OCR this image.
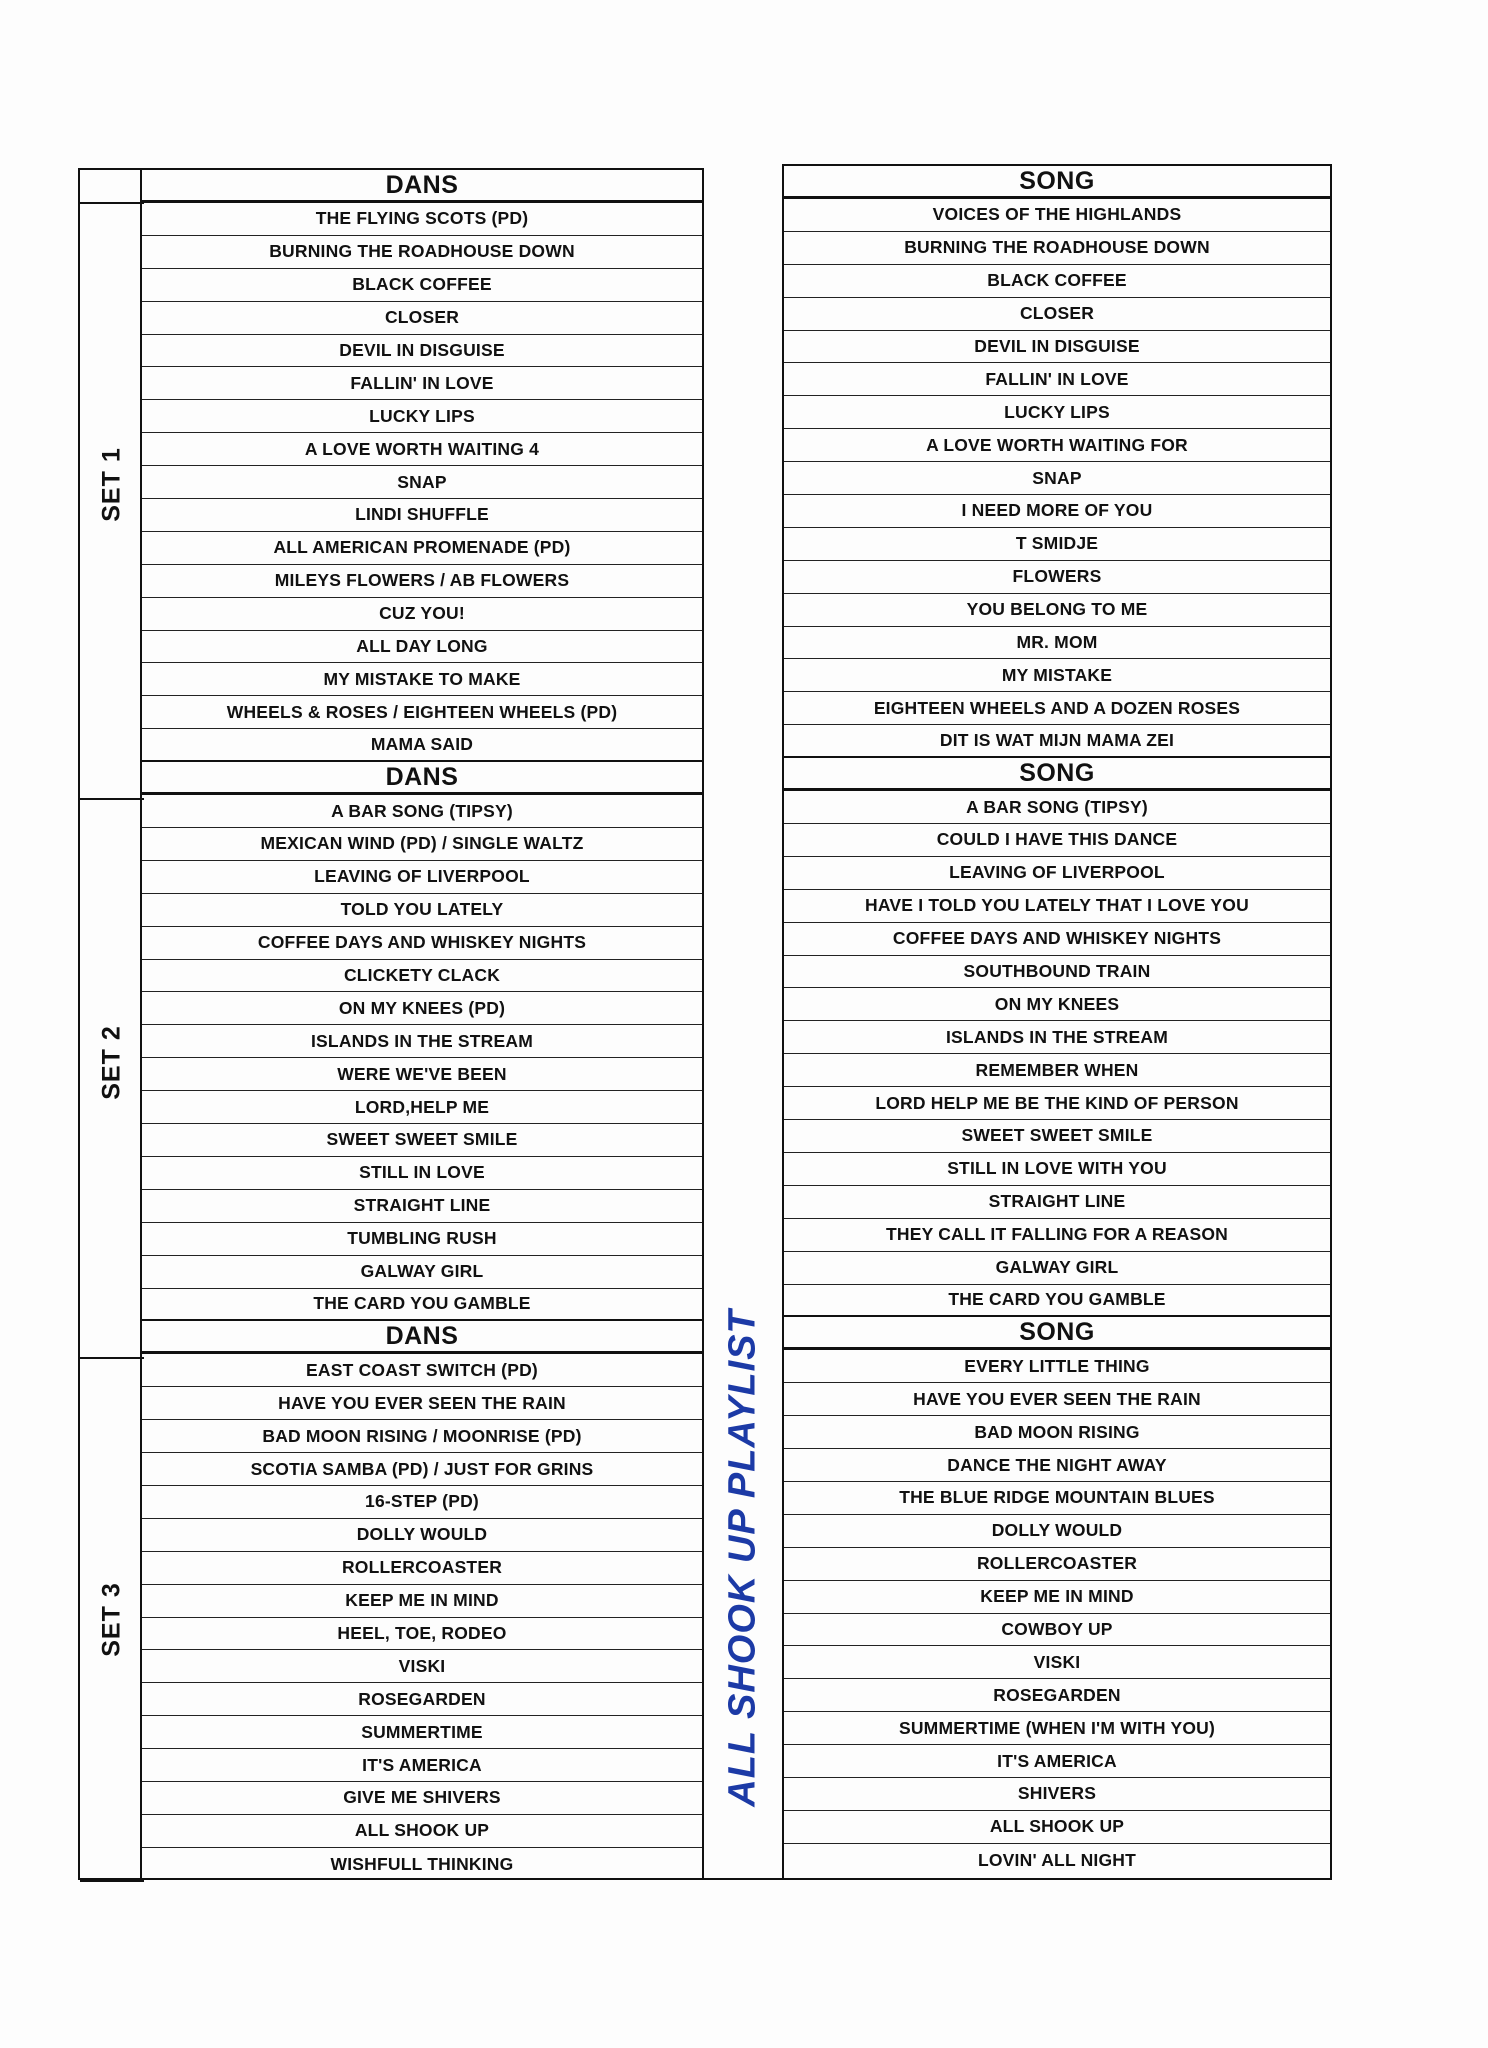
SET 1
SET 2
SET 3
DANS
THE FLYING SCOTS (PD)
BURNING THE ROADHOUSE DOWN
BLACK COFFEE
CLOSER
DEVIL IN DISGUISE
FALLIN' IN LOVE
LUCKY LIPS
A LOVE WORTH WAITING 4
SNAP
LINDI SHUFFLE
ALL AMERICAN PROMENADE (PD)
MILEYS FLOWERS / AB FLOWERS
CUZ YOU!
ALL DAY LONG
MY MISTAKE TO MAKE
WHEELS & ROSES / EIGHTEEN WHEELS (PD)
MAMA SAID
DANS
A BAR SONG (TIPSY)
MEXICAN WIND (PD) / SINGLE WALTZ
LEAVING OF LIVERPOOL
TOLD YOU LATELY
COFFEE DAYS AND WHISKEY NIGHTS
CLICKETY CLACK
ON MY KNEES (PD)
ISLANDS IN THE STREAM
WERE WE'VE BEEN
LORD,HELP ME
SWEET SWEET SMILE
STILL IN LOVE
STRAIGHT LINE
TUMBLING RUSH
GALWAY GIRL
THE CARD YOU GAMBLE
DANS
EAST COAST SWITCH (PD)
HAVE YOU EVER SEEN THE RAIN
BAD MOON RISING / MOONRISE (PD)
SCOTIA SAMBA (PD) / JUST FOR GRINS
16-STEP (PD)
DOLLY WOULD
ROLLERCOASTER
KEEP ME IN MIND
HEEL, TOE, RODEO
VISKI
ROSEGARDEN
SUMMERTIME
IT'S AMERICA
GIVE ME SHIVERS
ALL SHOOK UP
WISHFULL THINKING
ALL SHOOK UP PLAYLIST
SONG
VOICES OF THE HIGHLANDS
BURNING THE ROADHOUSE DOWN
BLACK COFFEE
CLOSER
DEVIL IN DISGUISE
FALLIN' IN LOVE
LUCKY LIPS
A LOVE WORTH WAITING FOR
SNAP
I NEED MORE OF YOU
T SMIDJE
FLOWERS
YOU BELONG TO ME
MR. MOM
MY MISTAKE
EIGHTEEN WHEELS AND A DOZEN ROSES
DIT IS WAT MIJN MAMA ZEI
SONG
A BAR SONG (TIPSY)
COULD I HAVE THIS DANCE
LEAVING OF LIVERPOOL
HAVE I TOLD YOU LATELY THAT I LOVE YOU
COFFEE DAYS AND WHISKEY NIGHTS
SOUTHBOUND TRAIN
ON MY KNEES
ISLANDS IN THE STREAM
REMEMBER WHEN
LORD HELP ME BE THE KIND OF PERSON
SWEET SWEET SMILE
STILL IN LOVE WITH YOU
STRAIGHT LINE
THEY CALL IT FALLING FOR A REASON
GALWAY GIRL
THE CARD YOU GAMBLE
SONG
EVERY LITTLE THING
HAVE YOU EVER SEEN THE RAIN
BAD MOON RISING
DANCE THE NIGHT AWAY
THE BLUE RIDGE MOUNTAIN BLUES
DOLLY WOULD
ROLLERCOASTER
KEEP ME IN MIND
COWBOY UP
VISKI
ROSEGARDEN
SUMMERTIME (WHEN I'M WITH YOU)
IT'S AMERICA
SHIVERS
ALL SHOOK UP
LOVIN' ALL NIGHT
